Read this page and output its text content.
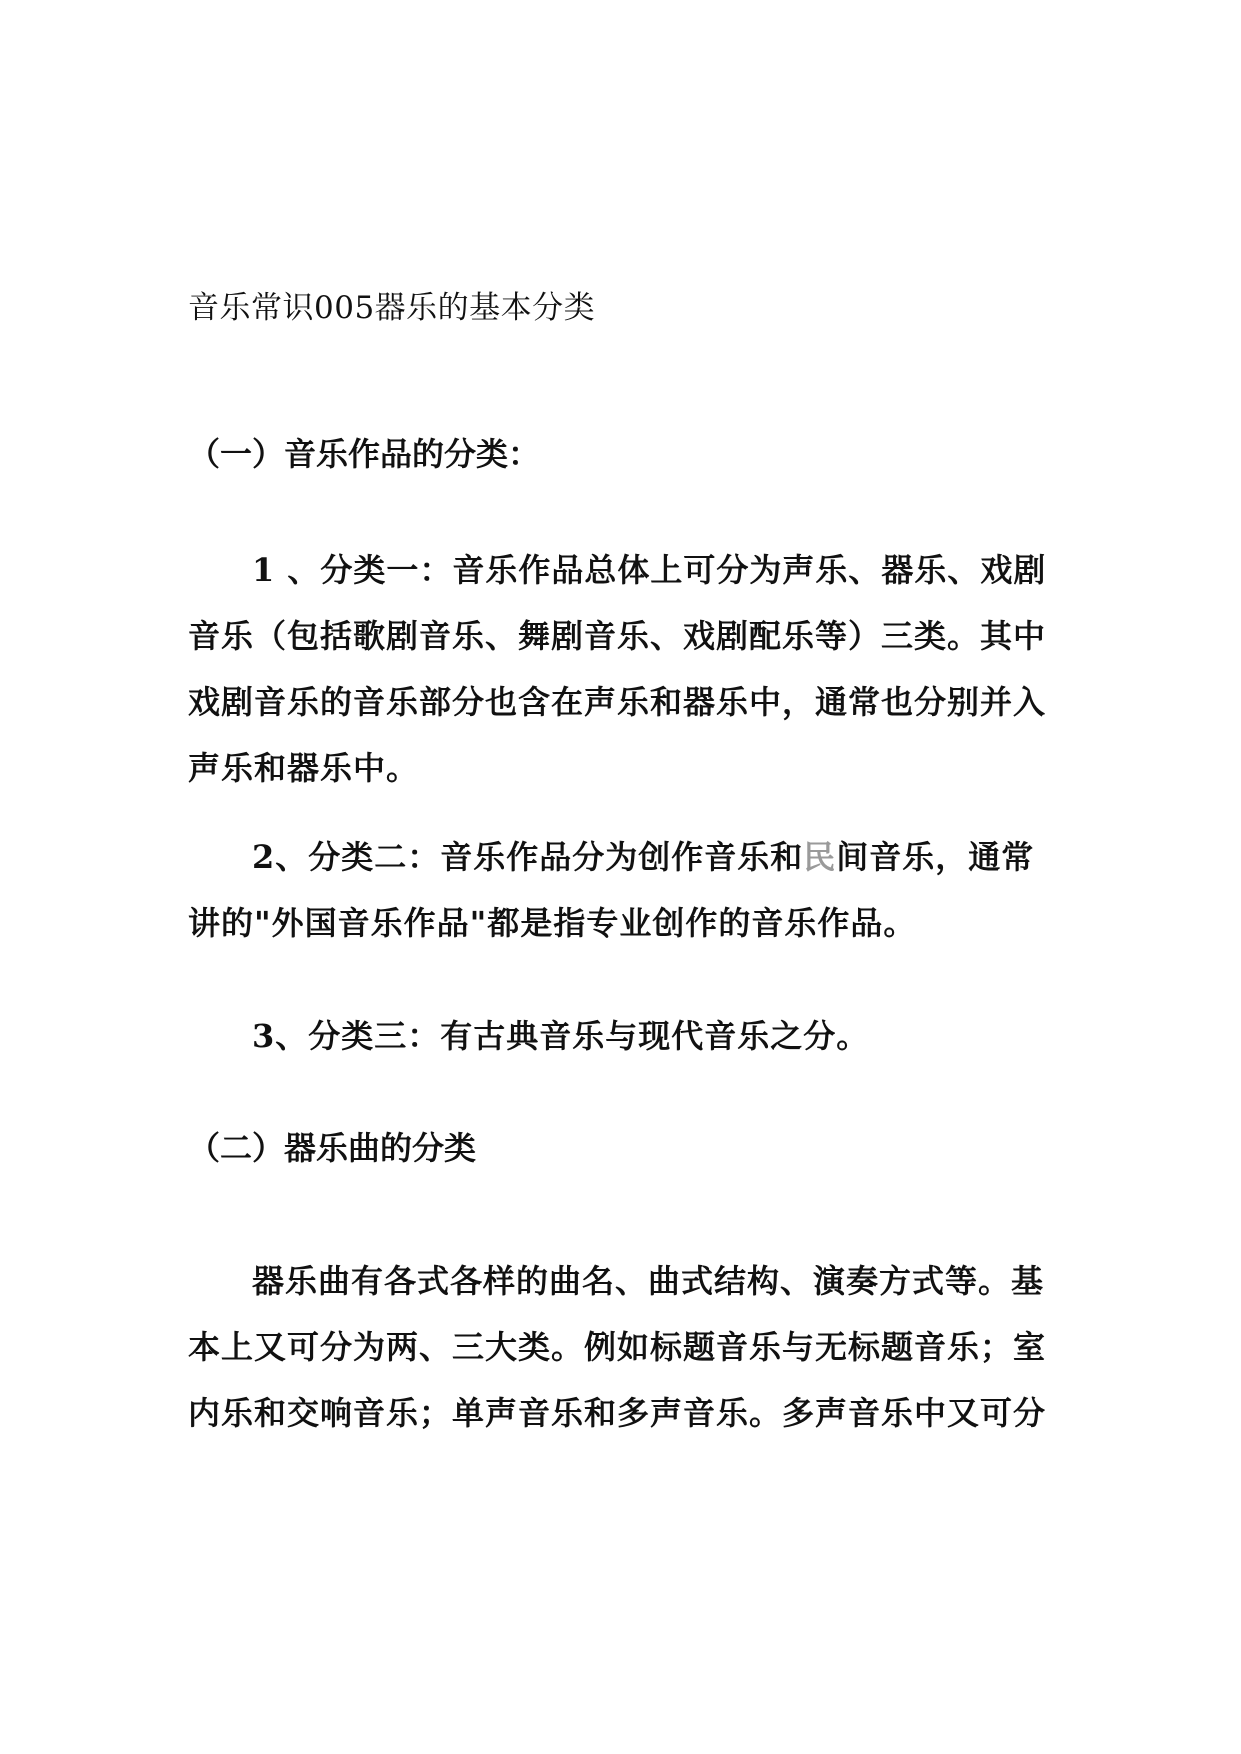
音乐常识005器乐的基本分类
（一）音乐作品的分类：
1 、分类一：音乐作品总体上可分为声乐、器乐、戏剧
音乐（包括歌剧音乐、舞剧音乐、戏剧配乐等）三类。其中
戏剧音乐的音乐部分也含在声乐和器乐中，通常也分别并入
声乐和器乐中。
2、分类二：音乐作品分为创作音乐和民间音乐，通常
讲的"外国音乐作品"都是指专业创作的音乐作品。
3、分类三：有古典音乐与现代音乐之分。
（二）器乐曲的分类
器乐曲有各式各样的曲名、曲式结构、演奏方式等。基
本上又可分为两、三大类。例如标题音乐与无标题音乐；室
内乐和交响音乐；单声音乐和多声音乐。多声音乐中又可分
